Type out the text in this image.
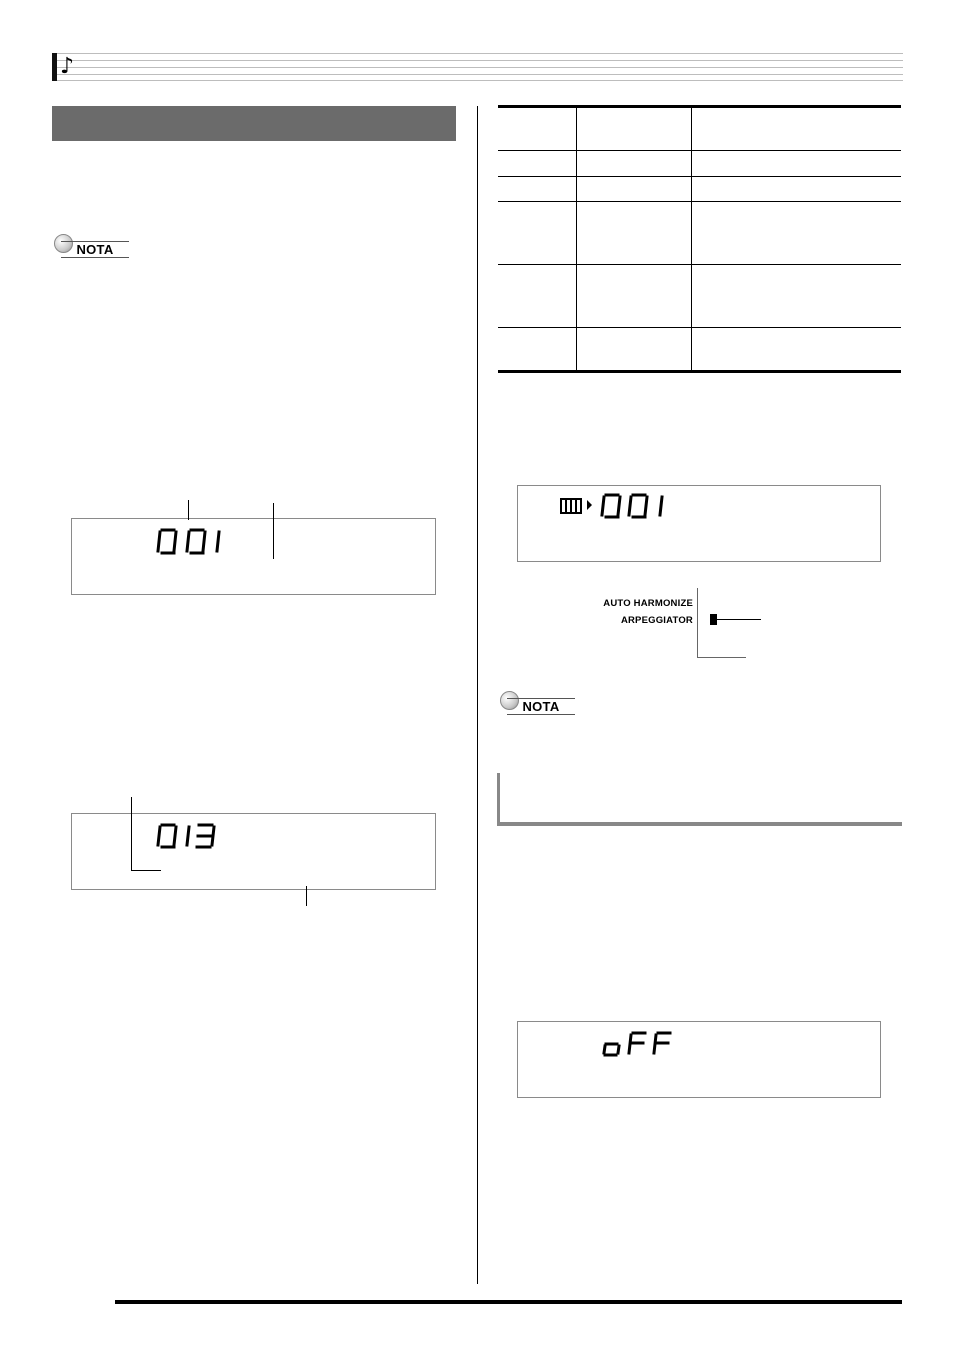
♪
NOTA
AUTO HARMONIZE
ARPEGGIATOR
NOTA
